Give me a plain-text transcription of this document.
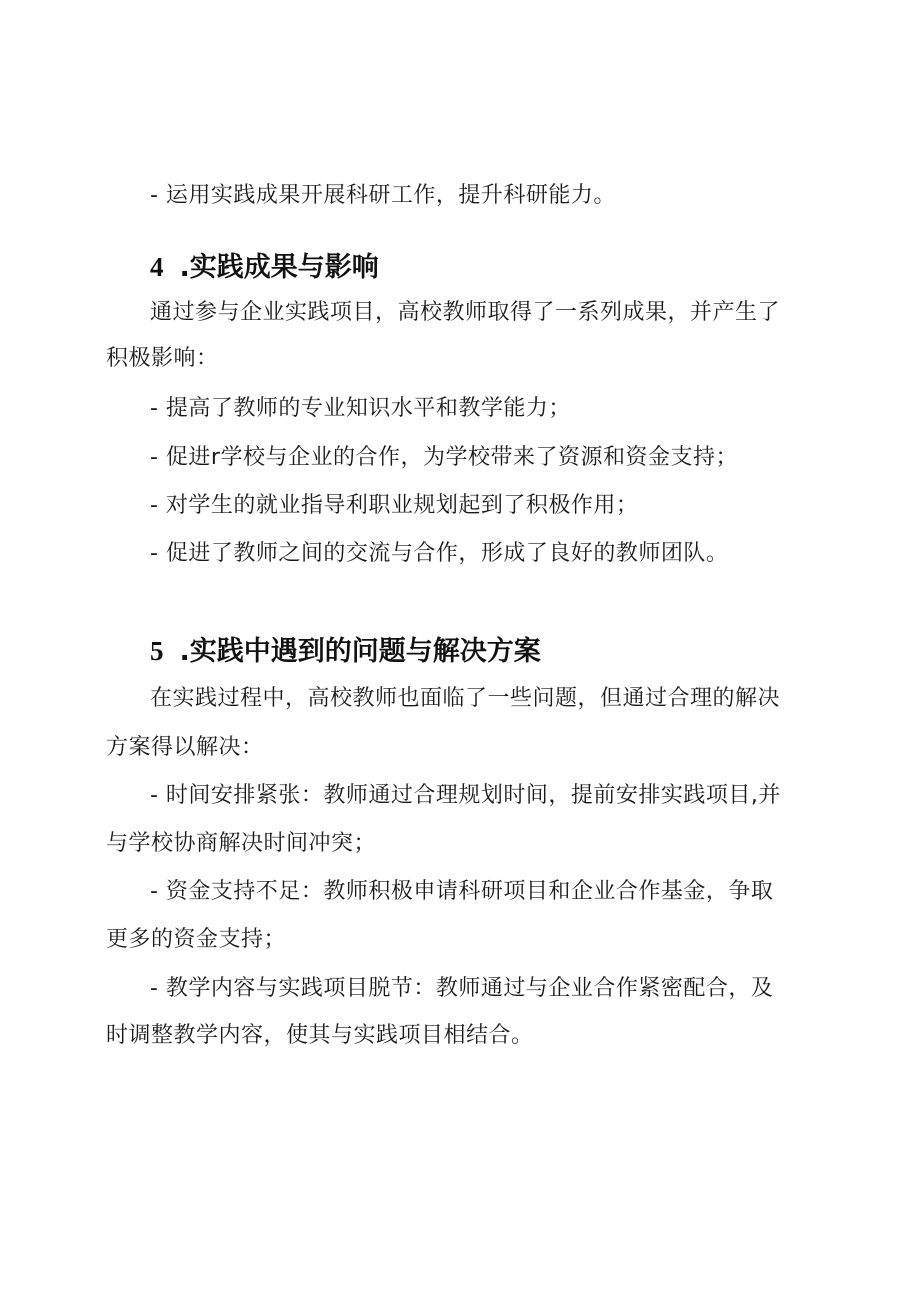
- 运用实践成果开展科研工作，提升科研能力。
4 .实践成果与影响
通过参与企业实践项目，高校教师取得了一系列成果，并产生了
积极影响：
- 提高了教师的专业知识水平和教学能力；
- 促进r学校与企业的合作，为学校带来了资源和资金支持；
- 对学生的就业指导利职业规划起到了积极作用；
- 促进了教师之间的交流与合作，形成了良好的教师团队。
5 .实践中遇到的问题与解决方案
在实践过程中，高校教师也面临了一些问题，但通过合理的解决
方案得以解决：
- 时间安排紧张：教师通过合理规划时间，提前安排实践项目,并
与学校协商解决时间冲突；
- 资金支持不足：教师积极申请科研项目和企业合作基金，争取
更多的资金支持；
- 教学内容与实践项目脱节：教师通过与企业合作紧密配合，及
时调整教学内容，使其与实践项目相结合。
